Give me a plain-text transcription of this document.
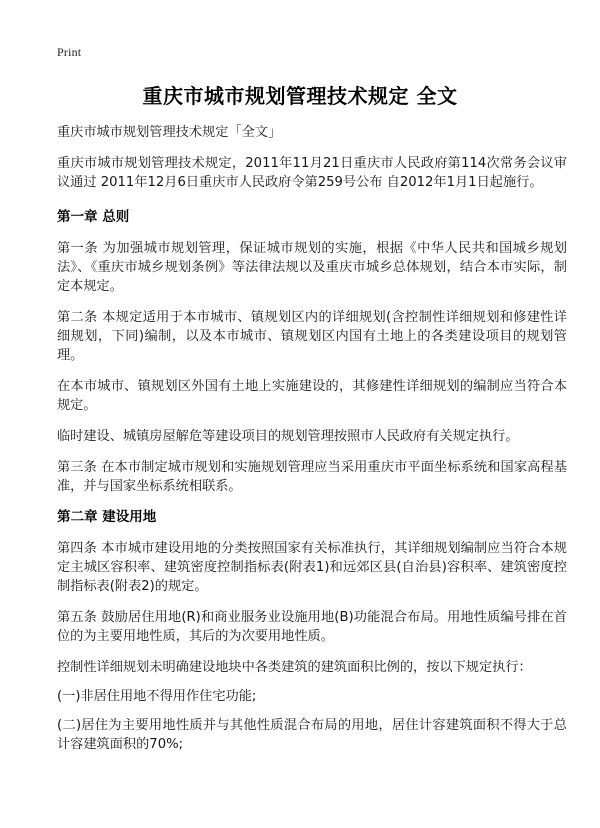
Print
重庆市城市规划管理技术规定 全文

重庆市城市规划管理技术规定「全文」

重庆市城市规划管理技术规定，2011年11月21日重庆市人民政府第114次常务会议审议通过 2011年12月6日重庆市人民政府令第259号公布 自2012年1月1日起施行。

第一章 总则

第一条 为加强城市规划管理，保证城市规划的实施，根据《中华人民共和国城乡规划法》、《重庆市城乡规划条例》等法律法规以及重庆市城乡总体规划，结合本市实际，制定本规定。

第二条 本规定适用于本市城市、镇规划区内的详细规划(含控制性详细规划和修建性详细规划，下同)编制，以及本市城市、镇规划区内国有土地上的各类建设项目的规划管理。

在本市城市、镇规划区外国有土地上实施建设的，其修建性详细规划的编制应当符合本规定。

临时建设、城镇房屋解危等建设项目的规划管理按照市人民政府有关规定执行。

第三条 在本市制定城市规划和实施规划管理应当采用重庆市平面坐标系统和国家高程基准，并与国家坐标系统相联系。

第二章 建设用地

第四条 本市城市建设用地的分类按照国家有关标准执行，其详细规划编制应当符合本规定主城区容积率、建筑密度控制指标表(附表1)和远郊区县(自治县)容积率、建筑密度控制指标表(附表2)的规定。

第五条 鼓励居住用地(R)和商业服务业设施用地(B)功能混合布局。用地性质编号排在首位的为主要用地性质，其后的为次要用地性质。

控制性详细规划未明确建设地块中各类建筑的建筑面积比例的，按以下规定执行：

(一)非居住用地不得用作住宅功能;

(二)居住为主要用地性质并与其他性质混合布局的用地，居住计容建筑面积不得大于总计容建筑面积的70%;
